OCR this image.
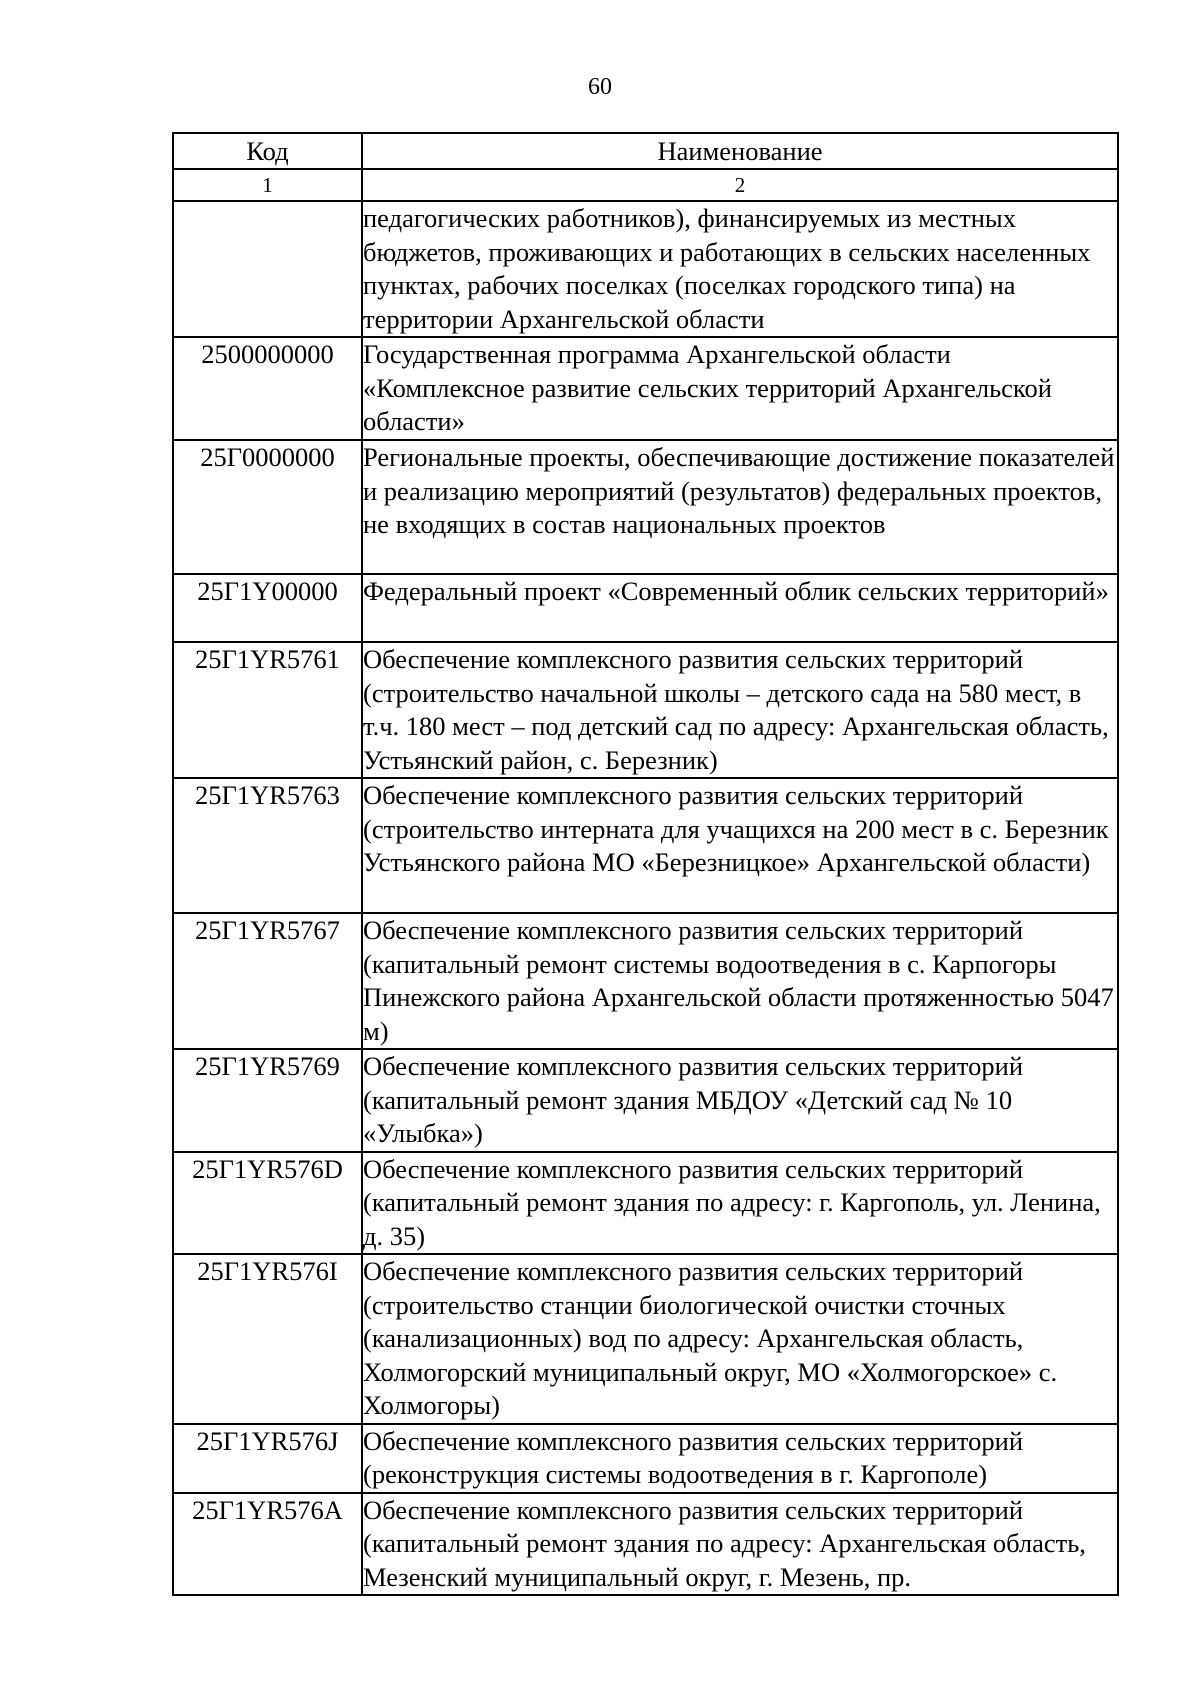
60
Код	Наименование
1	2
	педагогических работников), финансируемых из местных бюджетов, проживающих и работающих в сельских населенных пунктах, рабочих поселках (поселках городского типа) на территории Архангельской области
2500000000	Государственная программа Архангельской области «Комплексное развитие сельских территорий Архангельской области»
25Г0000000	Региональные проекты, обеспечивающие достижение показателей и реализацию мероприятий (результатов) федеральных проектов, не входящих в состав национальных проектов
25Г1Y00000	Федеральный проект «Современный облик сельских территорий»
25Г1YR5761	Обеспечение комплексного развития сельских территорий (строительство начальной школы – детского сада на 580 мест, в т.ч. 180 мест – под детский сад по адресу: Архангельская область, Устьянский район, с. Березник)
25Г1YR5763	Обеспечение комплексного развития сельских территорий (строительство интерната для учащихся на 200 мест в с. Березник Устьянского района МО «Березницкое» Архангельской области)
25Г1YR5767	Обеспечение комплексного развития сельских территорий (капитальный ремонт системы водоотведения в с. Карпогоры Пинежского района Архангельской области протяженностью 5047 м)
25Г1YR5769	Обеспечение комплексного развития сельских территорий (капитальный ремонт здания МБДОУ «Детский сад № 10 «Улыбка»)
25Г1YR576D	Обеспечение комплексного развития сельских территорий (капитальный ремонт здания по адресу: г. Каргополь, ул. Ленина, д. 35)
25Г1YR576I	Обеспечение комплексного развития сельских территорий (строительство станции биологической очистки сточных (канализационных) вод по адресу: Архангельская область, Холмогорский муниципальный округ, МО «Холмогорское» с. Холмогоры)
25Г1YR576J	Обеспечение комплексного развития сельских территорий (реконструкция системы водоотведения в г. Каргополе)
25Г1YR576A	Обеспечение комплексного развития сельских территорий (капитальный ремонт здания по адресу: Архангельская область, Мезенский муниципальный округ, г. Мезень, пр.
